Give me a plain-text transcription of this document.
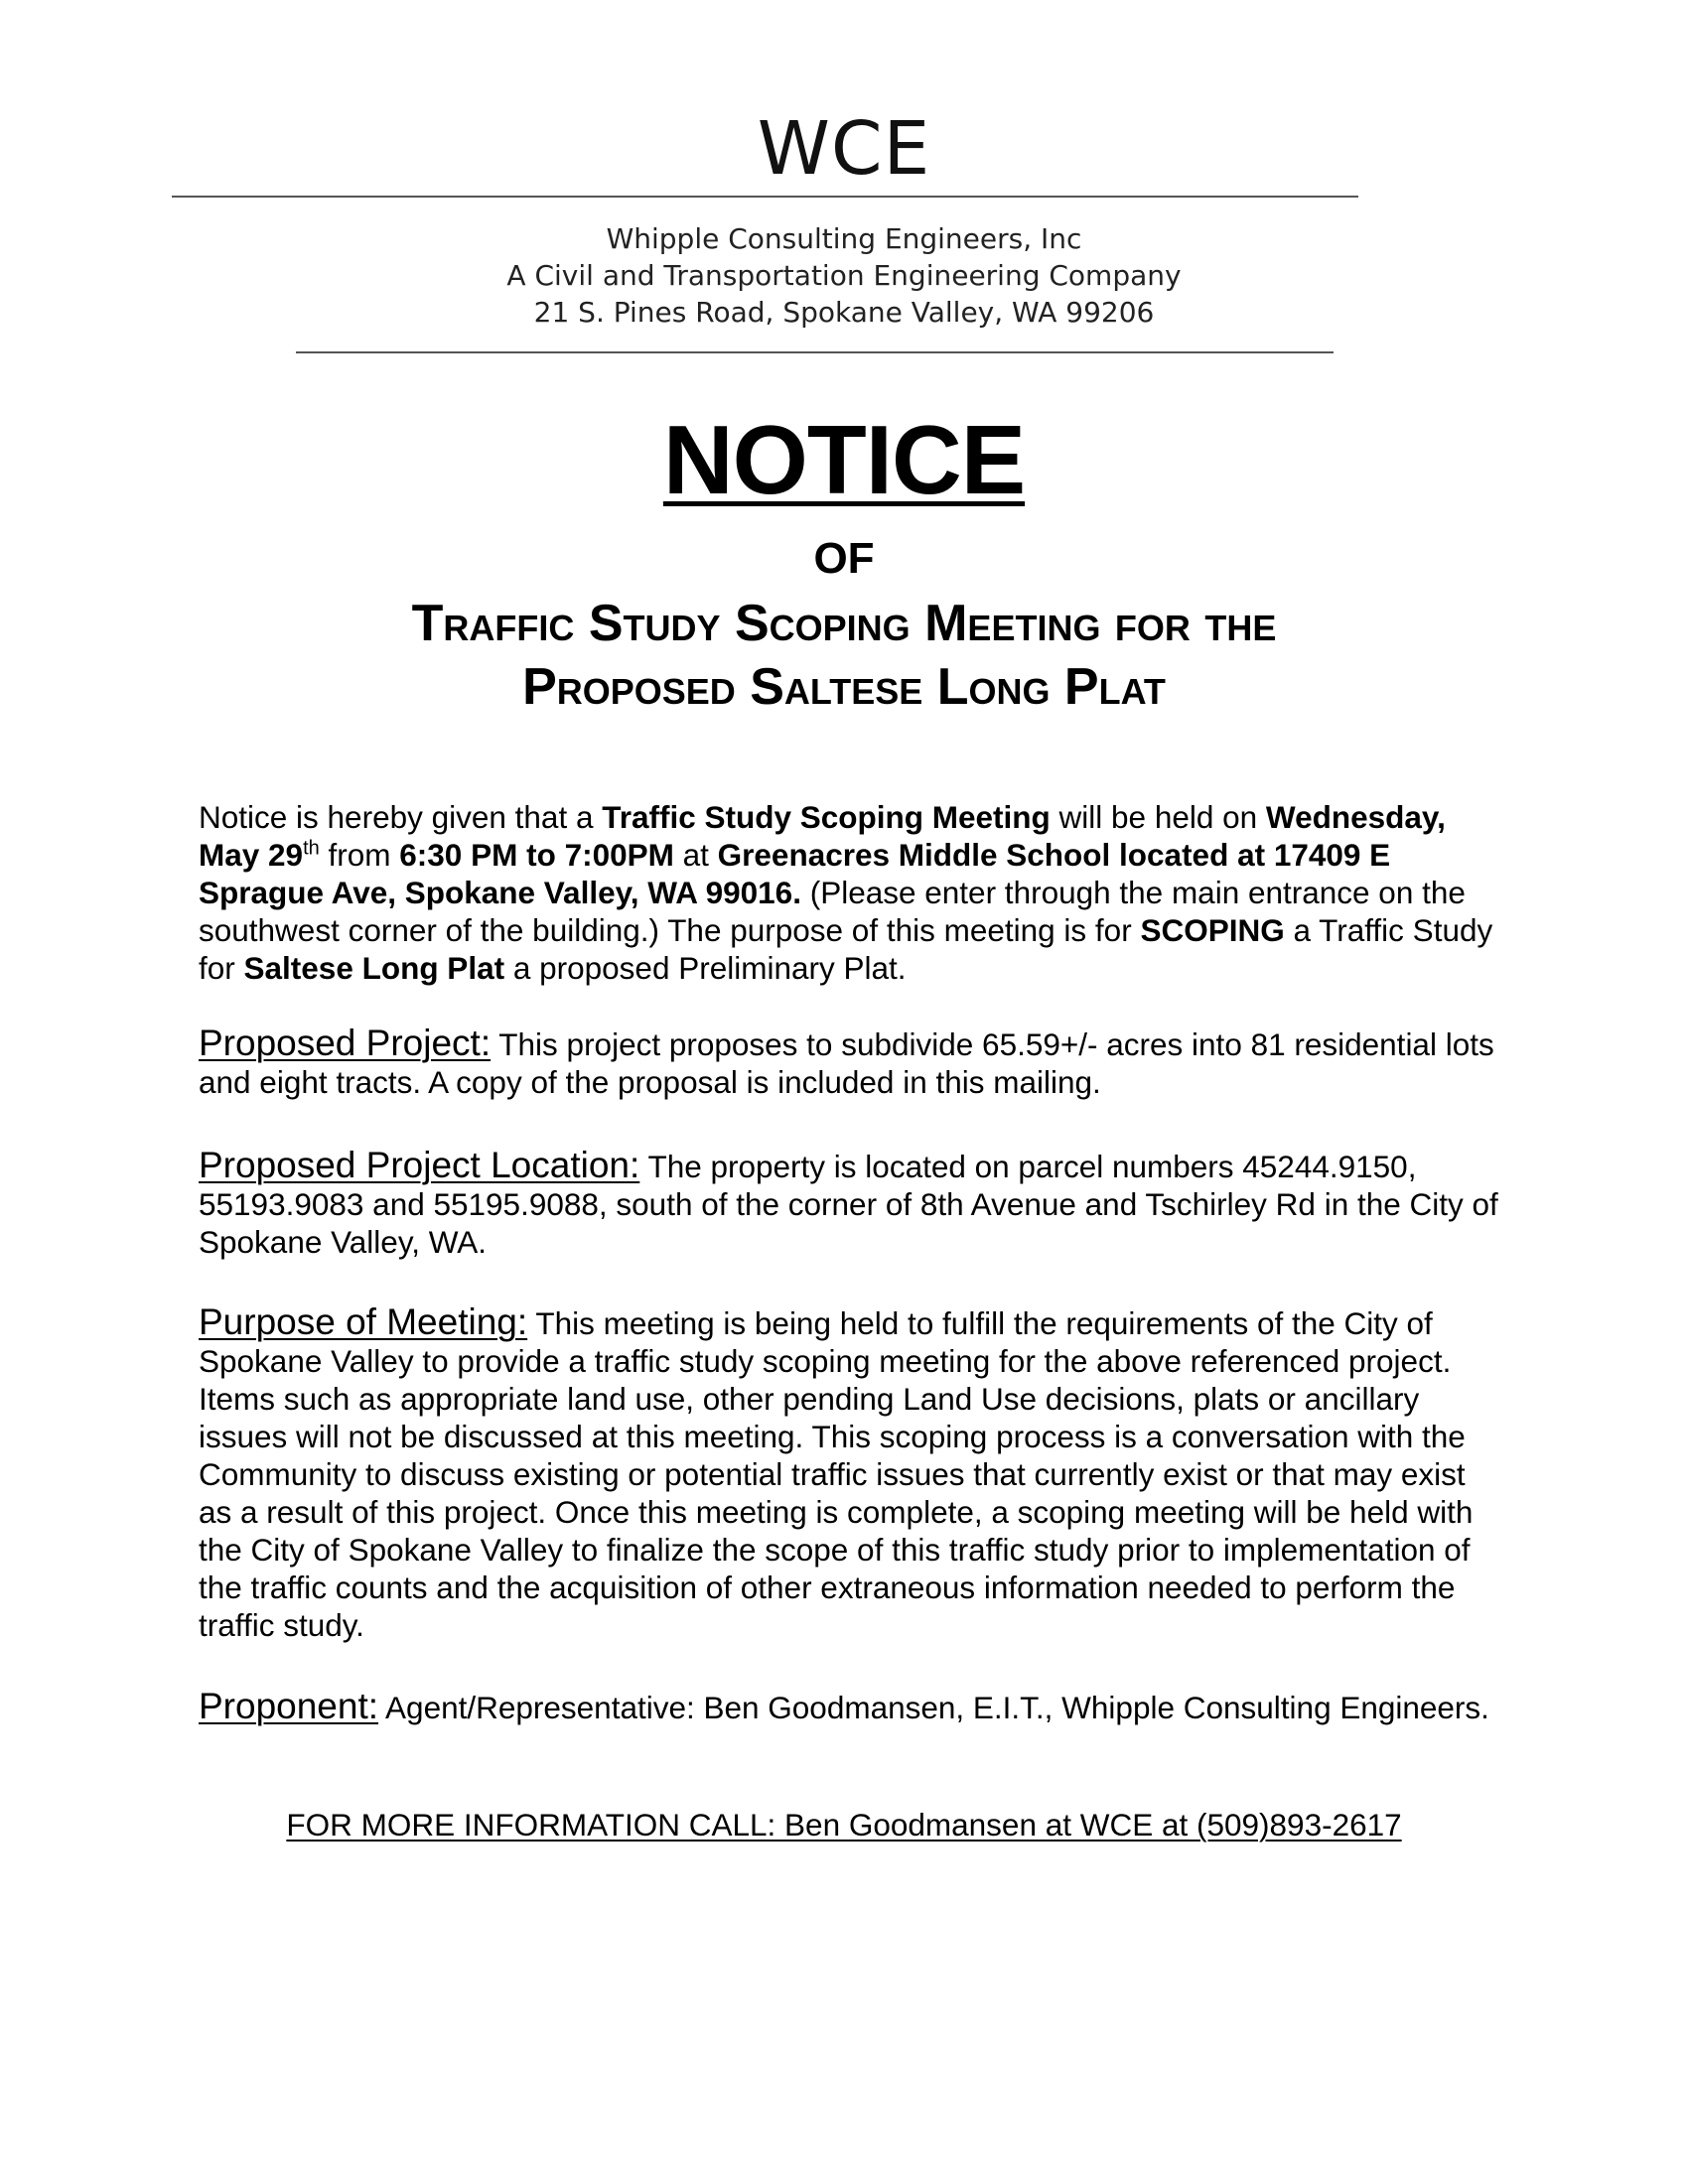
WCE
Whipple Consulting Engineers, Inc
A Civil and Transportation Engineering Company
21 S. Pines Road, Spokane Valley, WA 99206
NOTICE
OF
Traffic Study Scoping Meeting for the
Proposed Saltese Long Plat
Notice is hereby given that a Traffic Study Scoping Meeting will be held on Wednesday, May 29th from 6:30 PM to 7:00PM at Greenacres Middle School located at 17409 E Sprague Ave, Spokane Valley, WA 99016. (Please enter through the main entrance on the southwest corner of the building.) The purpose of this meeting is for SCOPING a Traffic Study for Saltese Long Plat a proposed Preliminary Plat.
Proposed Project: This project proposes to subdivide 65.59+/- acres into 81 residential lots and eight tracts. A copy of the proposal is included in this mailing.
Proposed Project Location: The property is located on parcel numbers 45244.9150, 55193.9083 and 55195.9088, south of the corner of 8th Avenue and Tschirley Rd in the City of Spokane Valley, WA.
Purpose of Meeting: This meeting is being held to fulfill the requirements of the City of Spokane Valley to provide a traffic study scoping meeting for the above referenced project. Items such as appropriate land use, other pending Land Use decisions, plats or ancillary issues will not be discussed at this meeting. This scoping process is a conversation with the Community to discuss existing or potential traffic issues that currently exist or that may exist as a result of this project. Once this meeting is complete, a scoping meeting will be held with the City of Spokane Valley to finalize the scope of this traffic study prior to implementation of the traffic counts and the acquisition of other extraneous information needed to perform the traffic study.
Proponent: Agent/Representative: Ben Goodmansen, E.I.T., Whipple Consulting Engineers.
FOR MORE INFORMATION CALL: Ben Goodmansen at WCE at (509)893-2617
